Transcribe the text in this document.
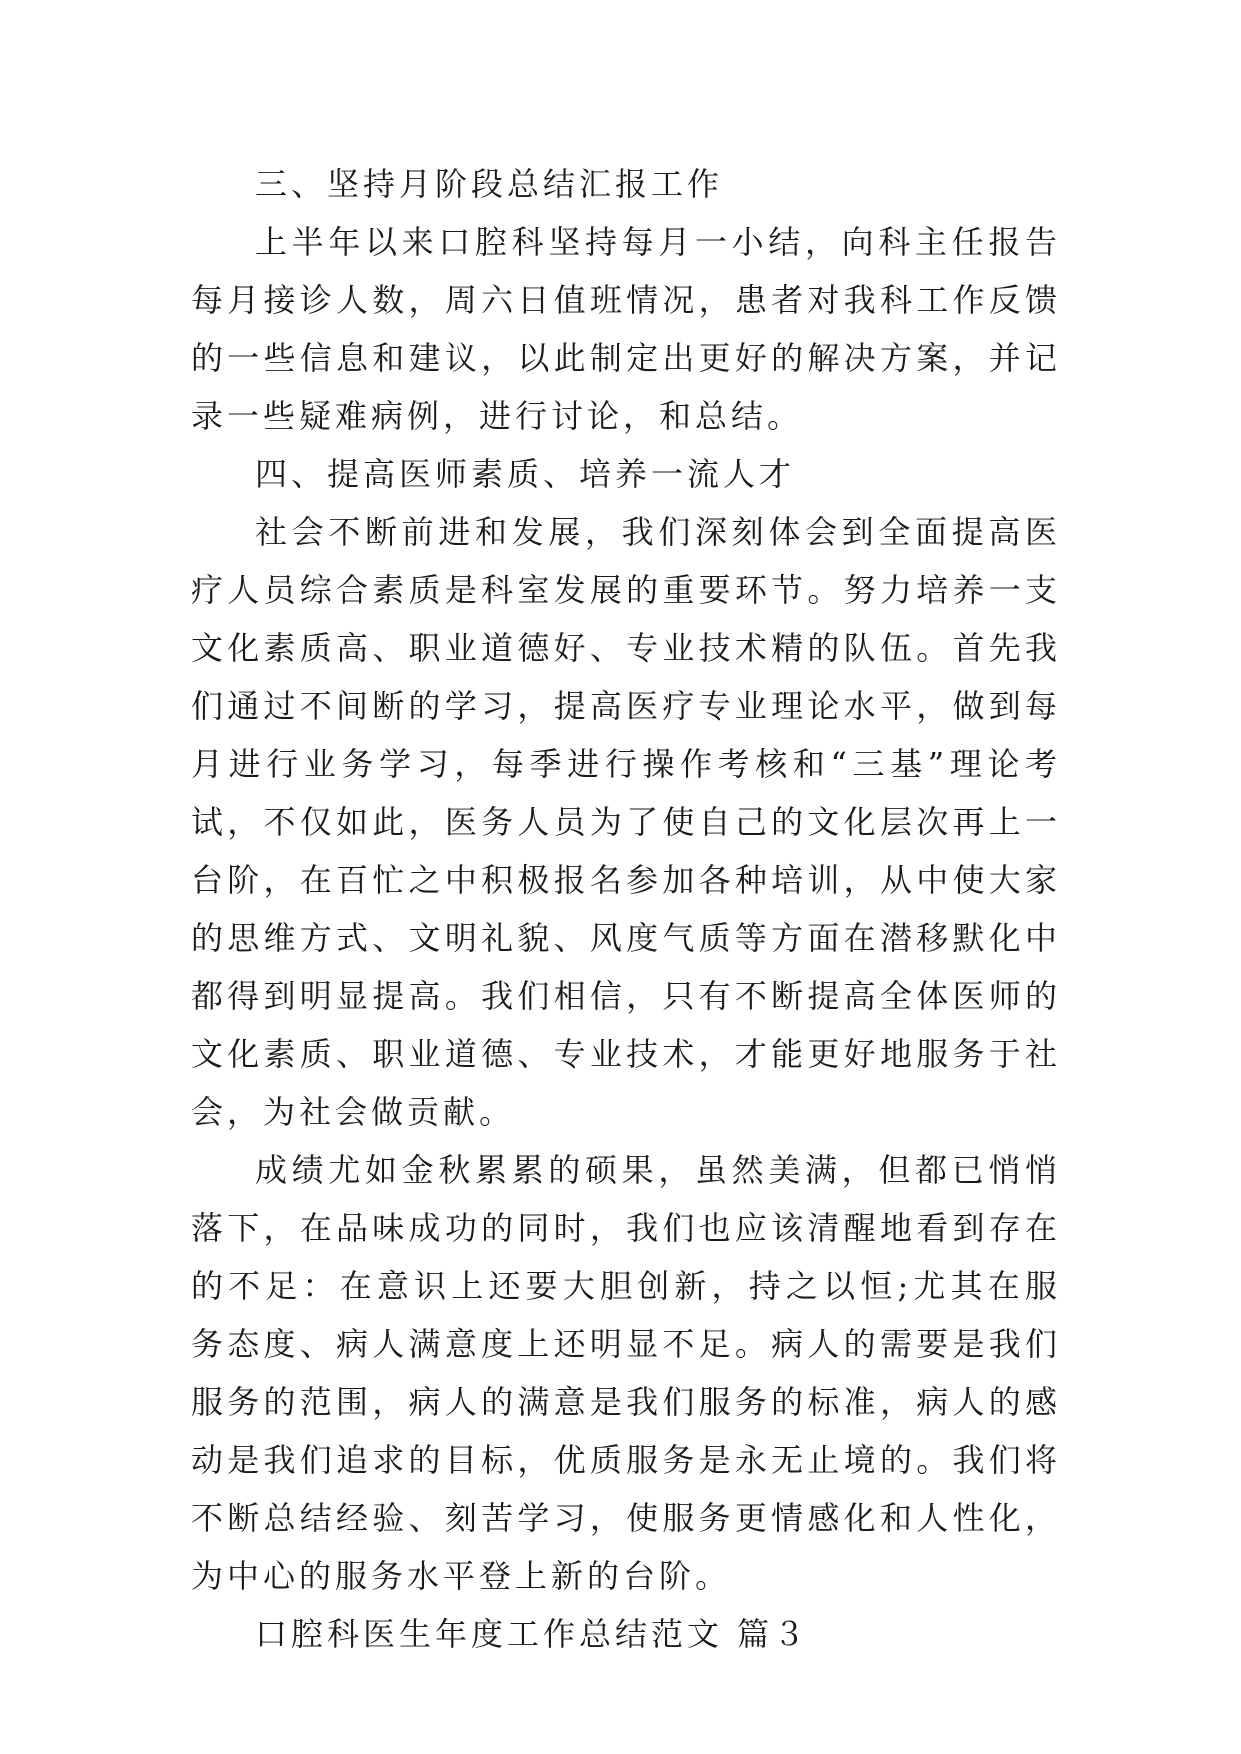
三、坚持月阶段总结汇报工作

上半年以来口腔科坚持每月一小结，向科主任报告每月接诊人数，周六日值班情况，患者对我科工作反馈的一些信息和建议，以此制定出更好的解决方案，并记录一些疑难病例，进行讨论，和总结。

四、提高医师素质、培养一流人才

社会不断前进和发展，我们深刻体会到全面提高医疗人员综合素质是科室发展的重要环节。努力培养一支文化素质高、职业道德好、专业技术精的队伍。首先我们通过不间断的学习，提高医疗专业理论水平，做到每月进行业务学习，每季进行操作考核和“三基”理论考试，不仅如此，医务人员为了使自己的文化层次再上一台阶，在百忙之中积极报名参加各种培训，从中使大家的思维方式、文明礼貌、风度气质等方面在潜移默化中都得到明显提高。我们相信，只有不断提高全体医师的文化素质、职业道德、专业技术，才能更好地服务于社会，为社会做贡献。

成绩尤如金秋累累的硕果，虽然美满，但都已悄悄落下，在品味成功的同时，我们也应该清醒地看到存在的不足：在意识上还要大胆创新，持之以恒;尤其在服务态度、病人满意度上还明显不足。病人的需要是我们服务的范围，病人的满意是我们服务的标准，病人的感动是我们追求的目标，优质服务是永无止境的。我们将不断总结经验、刻苦学习，使服务更情感化和人性化，为中心的服务水平登上新的台阶。

口腔科医生年度工作总结范文 篇３
